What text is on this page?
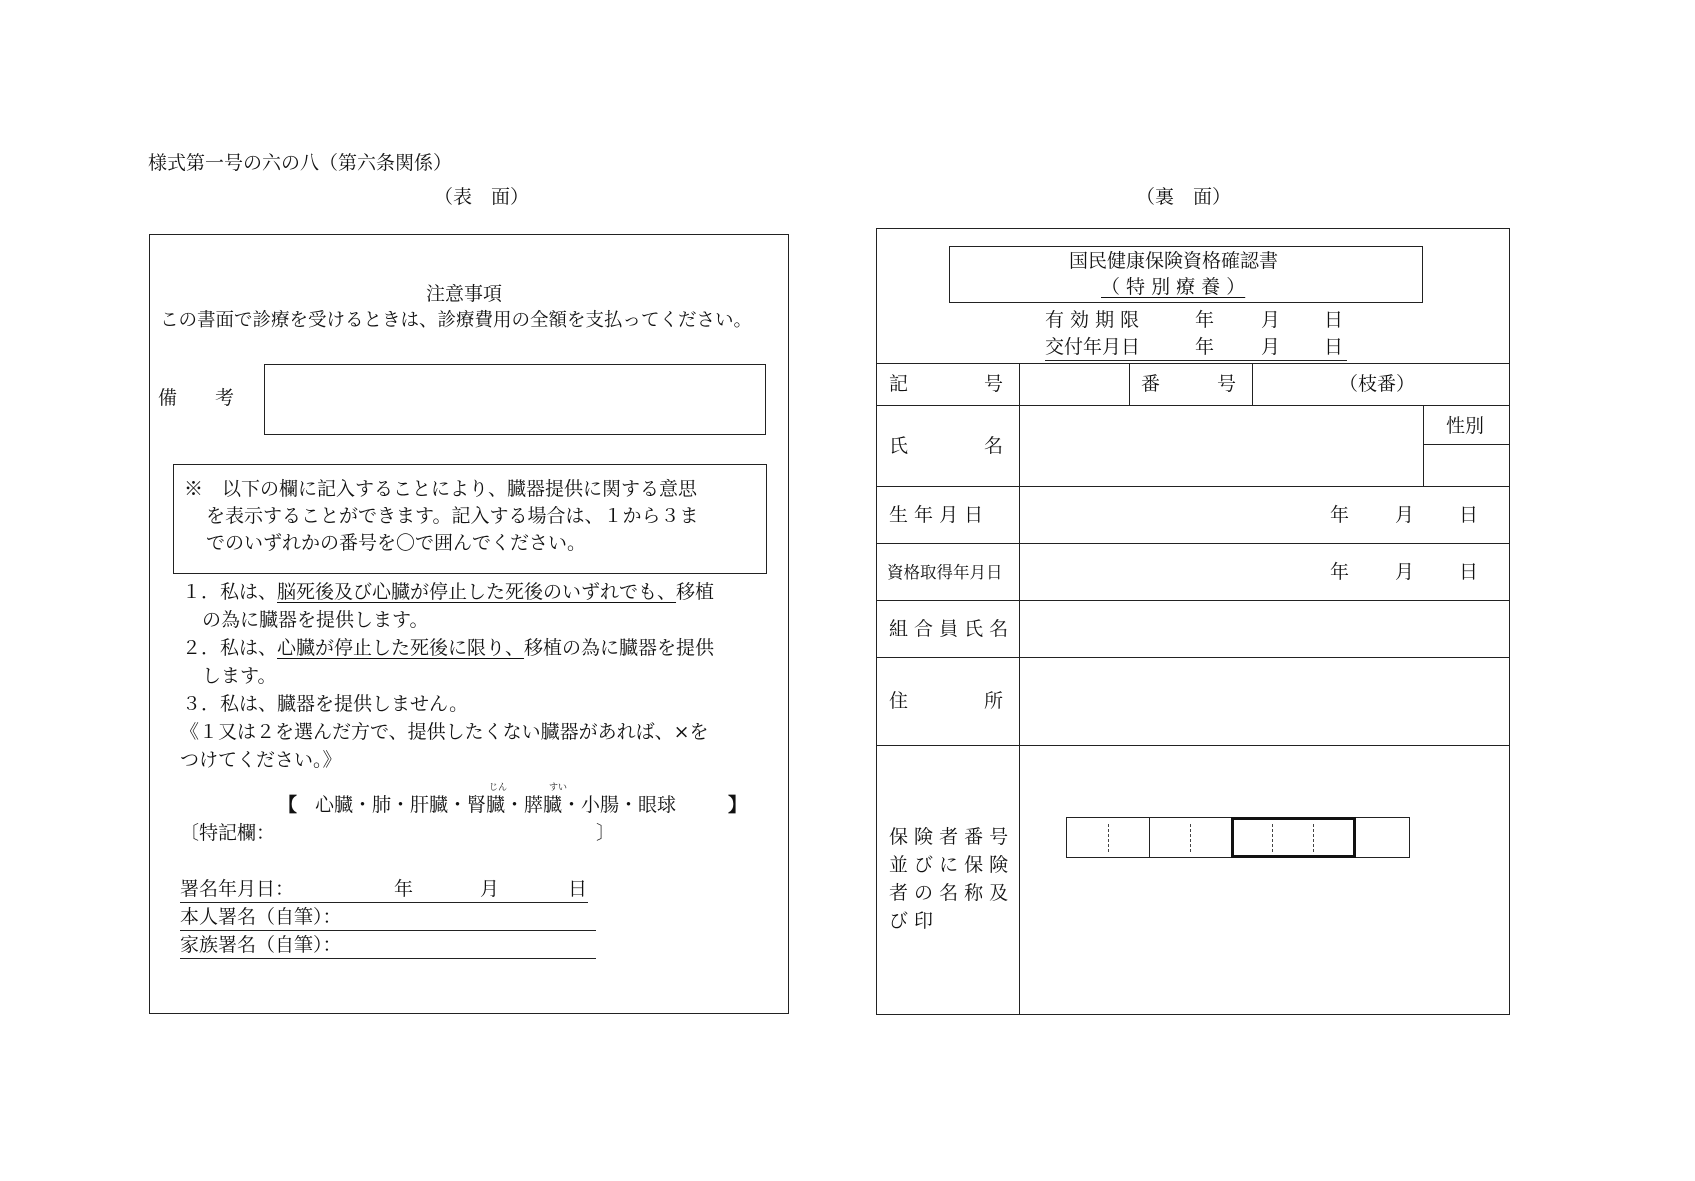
様式第一号の六の八（第六条関係）
（表　面）	（裏　面）
注意事項
この書面で診療を受けるときは、診療費用の全額を支払ってください。
備　　考
※　以下の欄に記入することにより、臓器提供に関する意思
を表示することができます。記入する場合は、１から３ま
でのいずれかの番号を〇で囲んでください。
１．私は、脳死後及び心臓が停止した死後のいずれでも、移植
の為に臓器を提供します。
２．私は、心臓が停止した死後に限り、移植の為に臓器を提供
します。
３．私は、臓器を提供しません。
《１又は２を選んだ方で、提供したくない臓器があれば、×を
つけてください。》
じん	すい
【 心臓・肺・肝臓・腎臓・膵臓・小腸・眼球	】
〔特記欄：	〕
署名年月日：	年	月	日
本人署名（自筆）：
家族署名（自筆）：
国民健康保険資格確認書
（ 特 別 療 養 ）
有 効 期 限	年 月 日
交付年月日	年 月 日
記　　　　号	番　　　号	（枝番）
氏　　　　名
性別
生 年 月 日	年 月 日
資格取得年月日	年 月 日
組 合 員 氏 名
住　　　　所
保 険 者 番 号
並 び に 保 険
者 の 名 称 及
び 印
